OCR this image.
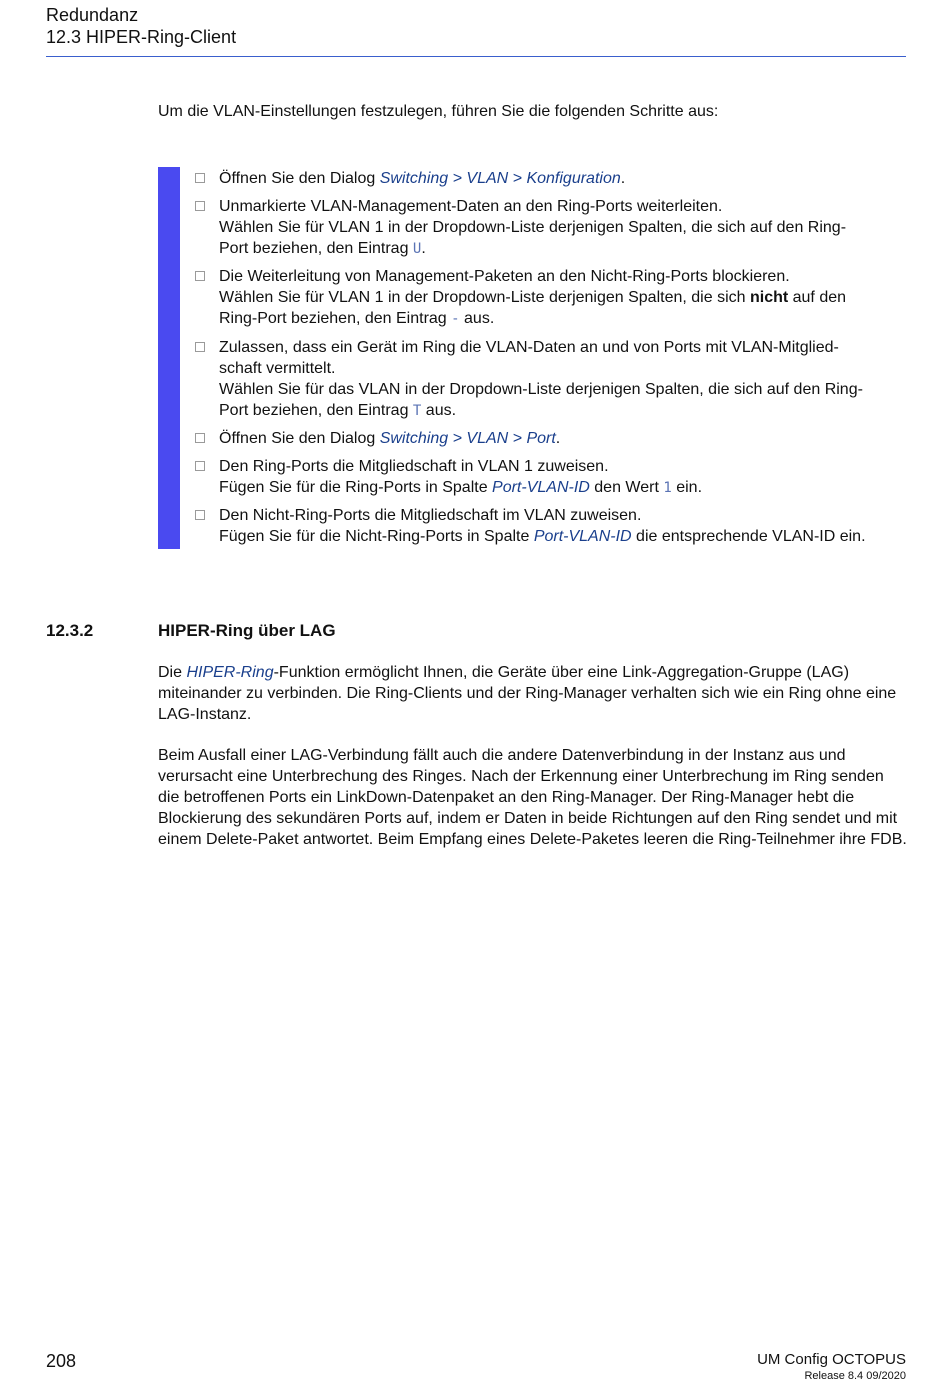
Redundanz
12.3 HIPER-Ring-Client
Um die VLAN-Einstellungen festzulegen, führen Sie die folgenden Schritte aus:
Öffnen Sie den Dialog Switching > VLAN > Konfiguration.
Unmarkierte VLAN-Management-Daten an den Ring-Ports weiterleiten.
Wählen Sie für VLAN 1 in der Dropdown-Liste derjenigen Spalten, die sich auf den Ring-
Port beziehen, den Eintrag U.
Die Weiterleitung von Management-Paketen an den Nicht-Ring-Ports blockieren.
Wählen Sie für VLAN 1 in der Dropdown-Liste derjenigen Spalten, die sich nicht auf den
Ring-Port beziehen, den Eintrag - aus.
Zulassen, dass ein Gerät im Ring die VLAN-Daten an und von Ports mit VLAN-Mitglied-
schaft vermittelt.
Wählen Sie für das VLAN in der Dropdown-Liste derjenigen Spalten, die sich auf den Ring-
Port beziehen, den Eintrag T aus.
Öffnen Sie den Dialog Switching > VLAN > Port.
Den Ring-Ports die Mitgliedschaft in VLAN 1 zuweisen.
Fügen Sie für die Ring-Ports in Spalte Port-VLAN-ID den Wert 1 ein.
Den Nicht-Ring-Ports die Mitgliedschaft im VLAN zuweisen.
Fügen Sie für die Nicht-Ring-Ports in Spalte Port-VLAN-ID die entsprechende VLAN-ID ein.
12.3.2	HIPER-Ring über LAG
Die HIPER-Ring-Funktion ermöglicht Ihnen, die Geräte über eine Link-Aggregation-Gruppe (LAG) miteinander zu verbinden. Die Ring-Clients und der Ring-Manager verhalten sich wie ein Ring ohne eine LAG-Instanz.
Beim Ausfall einer LAG-Verbindung fällt auch die andere Datenverbindung in der Instanz aus und verursacht eine Unterbrechung des Ringes. Nach der Erkennung einer Unterbrechung im Ring senden die betroffenen Ports ein LinkDown-Datenpaket an den Ring-Manager. Der Ring-Manager hebt die Blockierung des sekundären Ports auf, indem er Daten in beide Richtungen auf den Ring sendet und mit einem Delete-Paket antwortet. Beim Empfang eines Delete-Paketes leeren die Ring-Teilnehmer ihre FDB.
208	UM Config OCTOPUS
Release 8.4 09/2020
